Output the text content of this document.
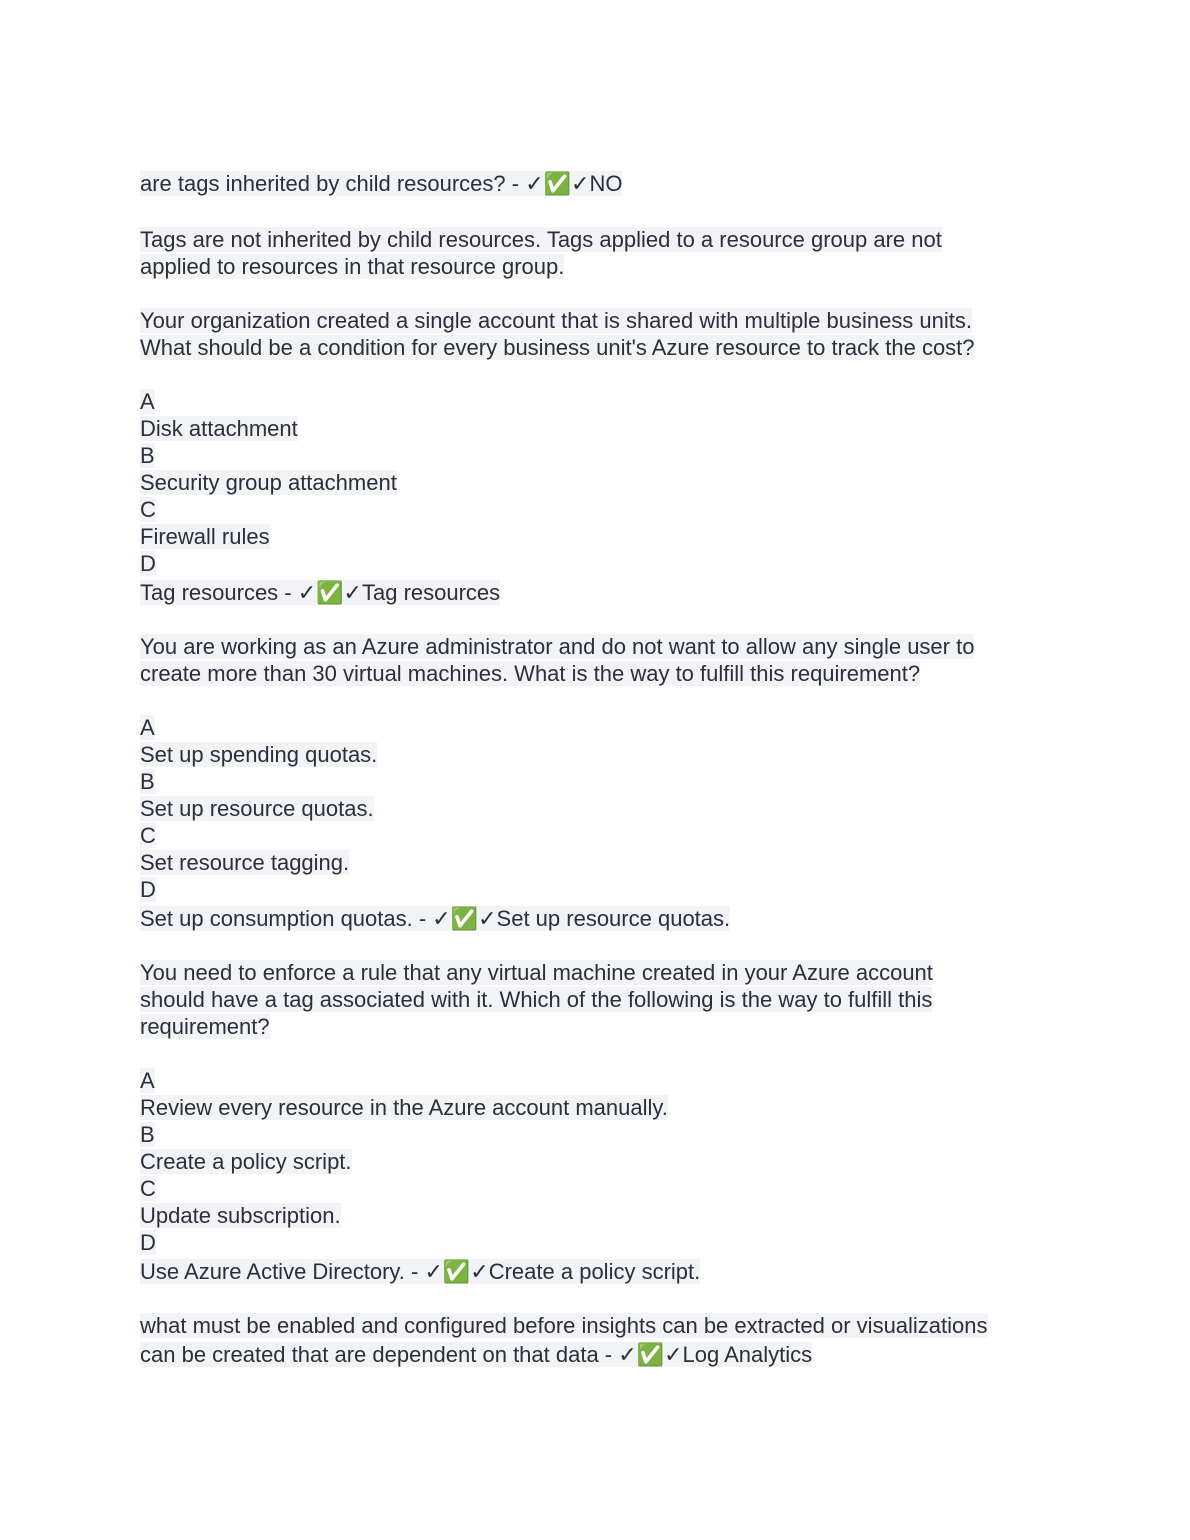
are tags inherited by child resources? - ✓✅✓NO
Tags are not inherited by child resources. Tags applied to a resource group are not
applied to resources in that resource group.
Your organization created a single account that is shared with multiple business units.
What should be a condition for every business unit's Azure resource to track the cost?
A
Disk attachment
B
Security group attachment
C
Firewall rules
D
Tag resources - ✓✅✓Tag resources
You are working as an Azure administrator and do not want to allow any single user to
create more than 30 virtual machines. What is the way to fulfill this requirement?
A
Set up spending quotas.
B
Set up resource quotas.
C
Set resource tagging.
D
Set up consumption quotas. - ✓✅✓Set up resource quotas.
You need to enforce a rule that any virtual machine created in your Azure account
should have a tag associated with it. Which of the following is the way to fulfill this
requirement?
A
Review every resource in the Azure account manually.
B
Create a policy script.
C
Update subscription.
D
Use Azure Active Directory. - ✓✅✓Create a policy script.
what must be enabled and configured before insights can be extracted or visualizations
can be created that are dependent on that data - ✓✅✓Log Analytics
